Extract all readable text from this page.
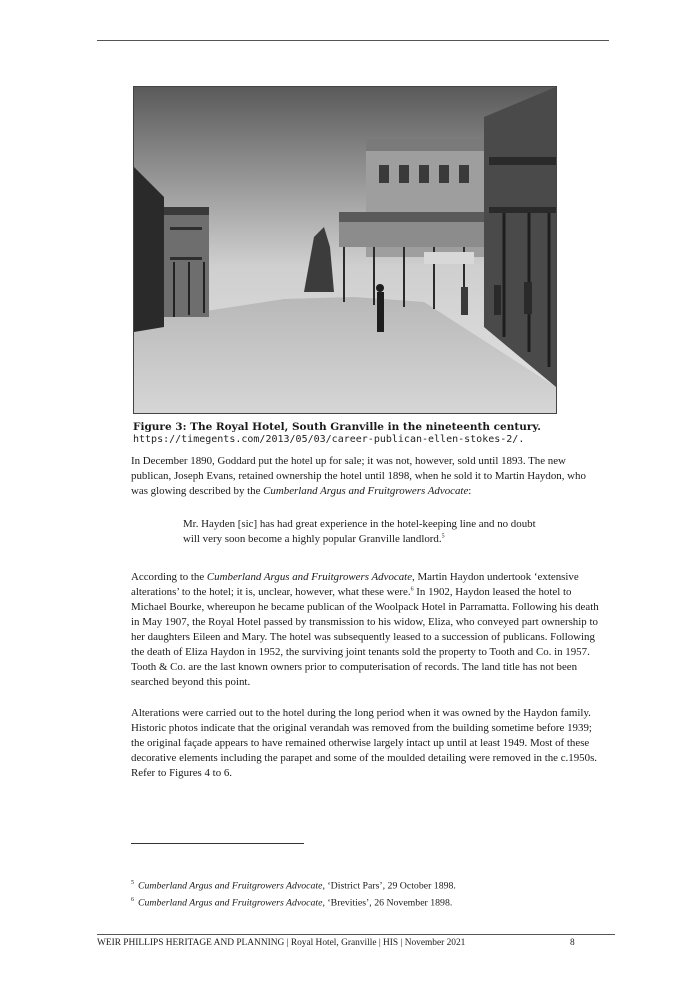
Figure 3: The Royal Hotel, South Granville in the nineteenth century.
https://timegents.com/2013/05/03/career-publican-ellen-stokes-2/.

In December 1890, Goddard put the hotel up for sale; it was not, however, sold until 1893. The new publican, Joseph Evans, retained ownership the hotel until 1898, when he sold it to Martin Haydon, who was glowing described by the Cumberland Argus and Fruitgrowers Advocate:

Mr. Hayden [sic] has had great experience in the hotel-keeping line and no doubt will very soon become a highly popular Granville landlord.$^5$

According to the Cumberland Argus and Fruitgrowers Advocate, Martin Haydon undertook ‘extensive alterations’ to the hotel; it is, unclear, however, what these were.$^6$ In 1902, Haydon leased the hotel to Michael Bourke, whereupon he became publican of the Woolpack Hotel in Parramatta. Following his death in May 1907, the Royal Hotel passed by transmission to his widow, Eliza, who conveyed part ownership to her daughters Eileen and Mary. The hotel was subsequently leased to a succession of publicans. Following the death of Eliza Haydon in 1952, the surviving joint tenants sold the property to Tooth and Co. in 1957. Tooth & Co. are the last known owners prior to computerisation of records. The land title has not been searched beyond this point.

Alterations were carried out to the hotel during the long period when it was owned by the Haydon family. Historic photos indicate that the original verandah was removed from the building sometime before 1939; the original façade appears to have remained otherwise largely intact up until at least 1949. Most of these decorative elements including the parapet and some of the moulded detailing were removed in the c.1950s. Refer to Figures 4 to 6.

$^5$ Cumberland Argus and Fruitgrowers Advocate, ‘District Pars’, 29 October 1898.
$^6$ Cumberland Argus and Fruitgrowers Advocate, ‘Brevities’, 26 November 1898.
WEIR PHILLIPS HERITAGE AND PLANNING | Royal Hotel, Granville | HIS | November 2021	8
